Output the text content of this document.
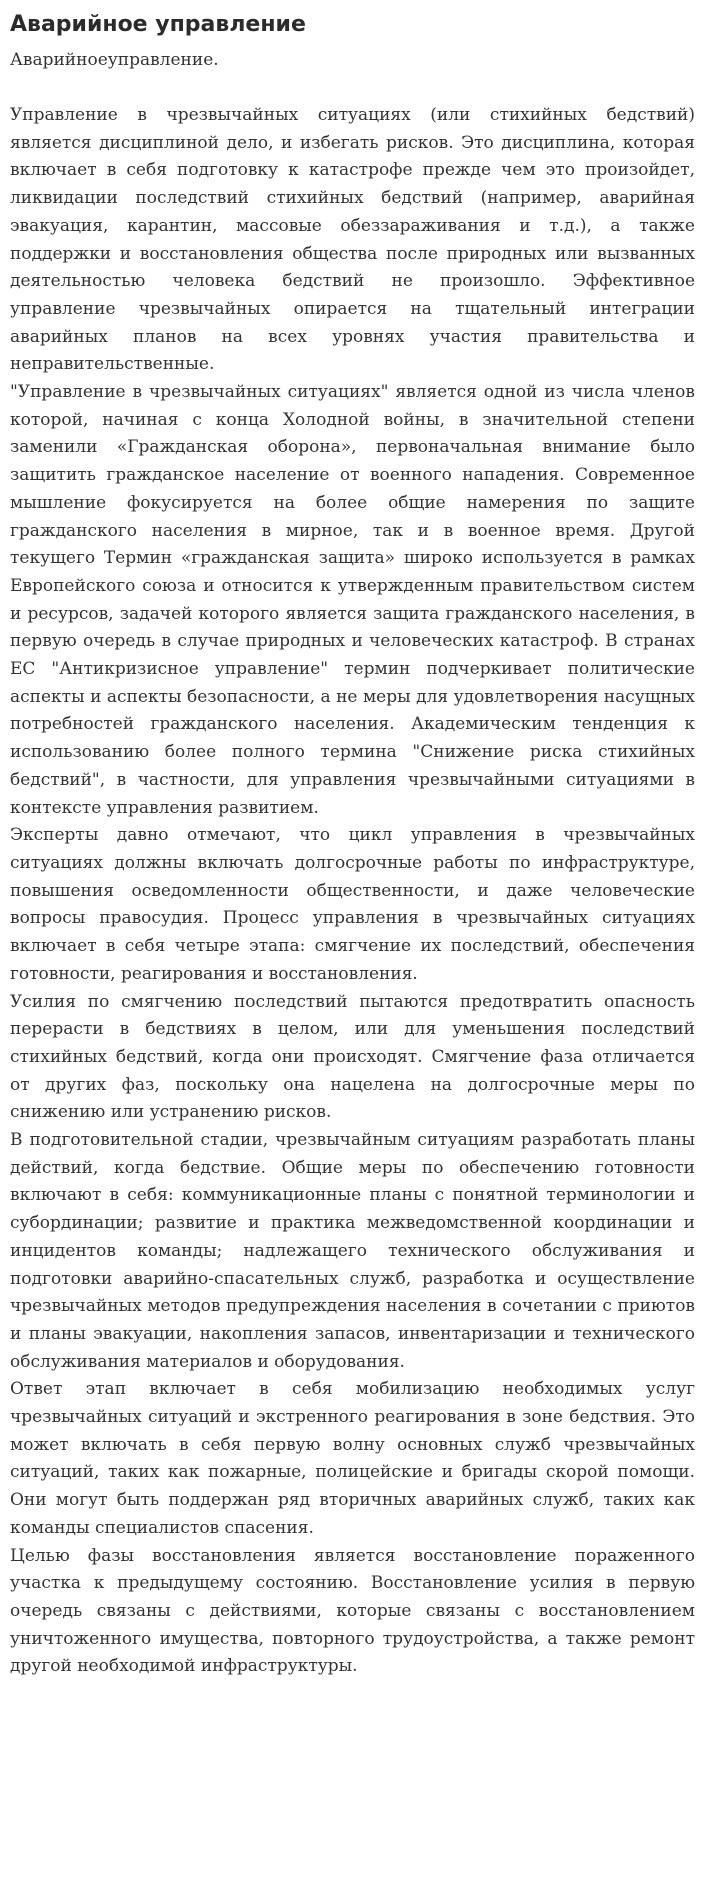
Аварийное управление

Аварийноеуправление.

Управление в чрезвычайных ситуациях (или стихийных бедствий) является дисциплиной дело, и избегать рисков. Это дисциплина, которая включает в себя подготовку к катастрофе прежде чем это произойдет, ликвидации последствий стихийных бедствий (например, аварийная эвакуация, карантин, массовые обеззараживания и т.д.), а также поддержки и восстановления общества после природных или вызванных деятельностью человека бедствий не произошло. Эффективное управление чрезвычайных опирается на тщательный интеграции аварийных планов на всех уровнях участия правительства и неправительственные.

"Управление в чрезвычайных ситуациях" является одной из числа членов которой, начиная с конца Холодной войны, в значительной степени заменили «Гражданская оборона», первоначальная внимание было защитить гражданское население от военного нападения. Современное мышление фокусируется на более общие намерения по защите гражданского населения в мирное, так и в военное время. Другой текущего Термин «гражданская защита» широко используется в рамках Европейского союза и относится к утвержденным правительством систем и ресурсов, задачей которого является защита гражданского населения, в первую очередь в случае природных и человеческих катастроф. В странах ЕС "Антикризисное управление" термин подчеркивает политические аспекты и аспекты безопасности, а не меры для удовлетворения насущных потребностей гражданского населения. Академическим тенденция к использованию более полного термина "Снижение риска стихийных бедствий", в частности, для управления чрезвычайными ситуациями в контексте управления развитием.

Эксперты давно отмечают, что цикл управления в чрезвычайных ситуациях должны включать долгосрочные работы по инфраструктуре, повышения осведомленности общественности, и даже человеческие вопросы правосудия. Процесс управления в чрезвычайных ситуациях включает в себя четыре этапа: смягчение их последствий, обеспечения готовности, реагирования и восстановления.

Усилия по смягчению последствий пытаются предотвратить опасность перерасти в бедствиях в целом, или для уменьшения последствий стихийных бедствий, когда они происходят. Смягчение фаза отличается от других фаз, поскольку она нацелена на долгосрочные меры по снижению или устранению рисков.

В подготовительной стадии, чрезвычайным ситуациям разработать планы действий, когда бедствие. Общие меры по обеспечению готовности включают в себя: коммуникационные планы с понятной терминологии и субординации; развитие и практика межведомственной координации и инцидентов команды; надлежащего технического обслуживания и подготовки аварийно-спасательных служб, разработка и осуществление чрезвычайных методов предупреждения населения в сочетании с приютов и планы эвакуации, накопления запасов, инвентаризации и технического обслуживания материалов и оборудования.

Ответ этап включает в себя мобилизацию необходимых услуг чрезвычайных ситуаций и экстренного реагирования в зоне бедствия. Это может включать в себя первую волну основных служб чрезвычайных ситуаций, таких как пожарные, полицейские и бригады скорой помощи. Они могут быть поддержан ряд вторичных аварийных служб, таких как команды специалистов спасения.

Целью фазы восстановления является восстановление пораженного участка к предыдущему состоянию. Восстановление усилия в первую очередь связаны с действиями, которые связаны с восстановлением уничтоженного имущества, повторного трудоустройства, а также ремонт другой необходимой инфраструктуры.
